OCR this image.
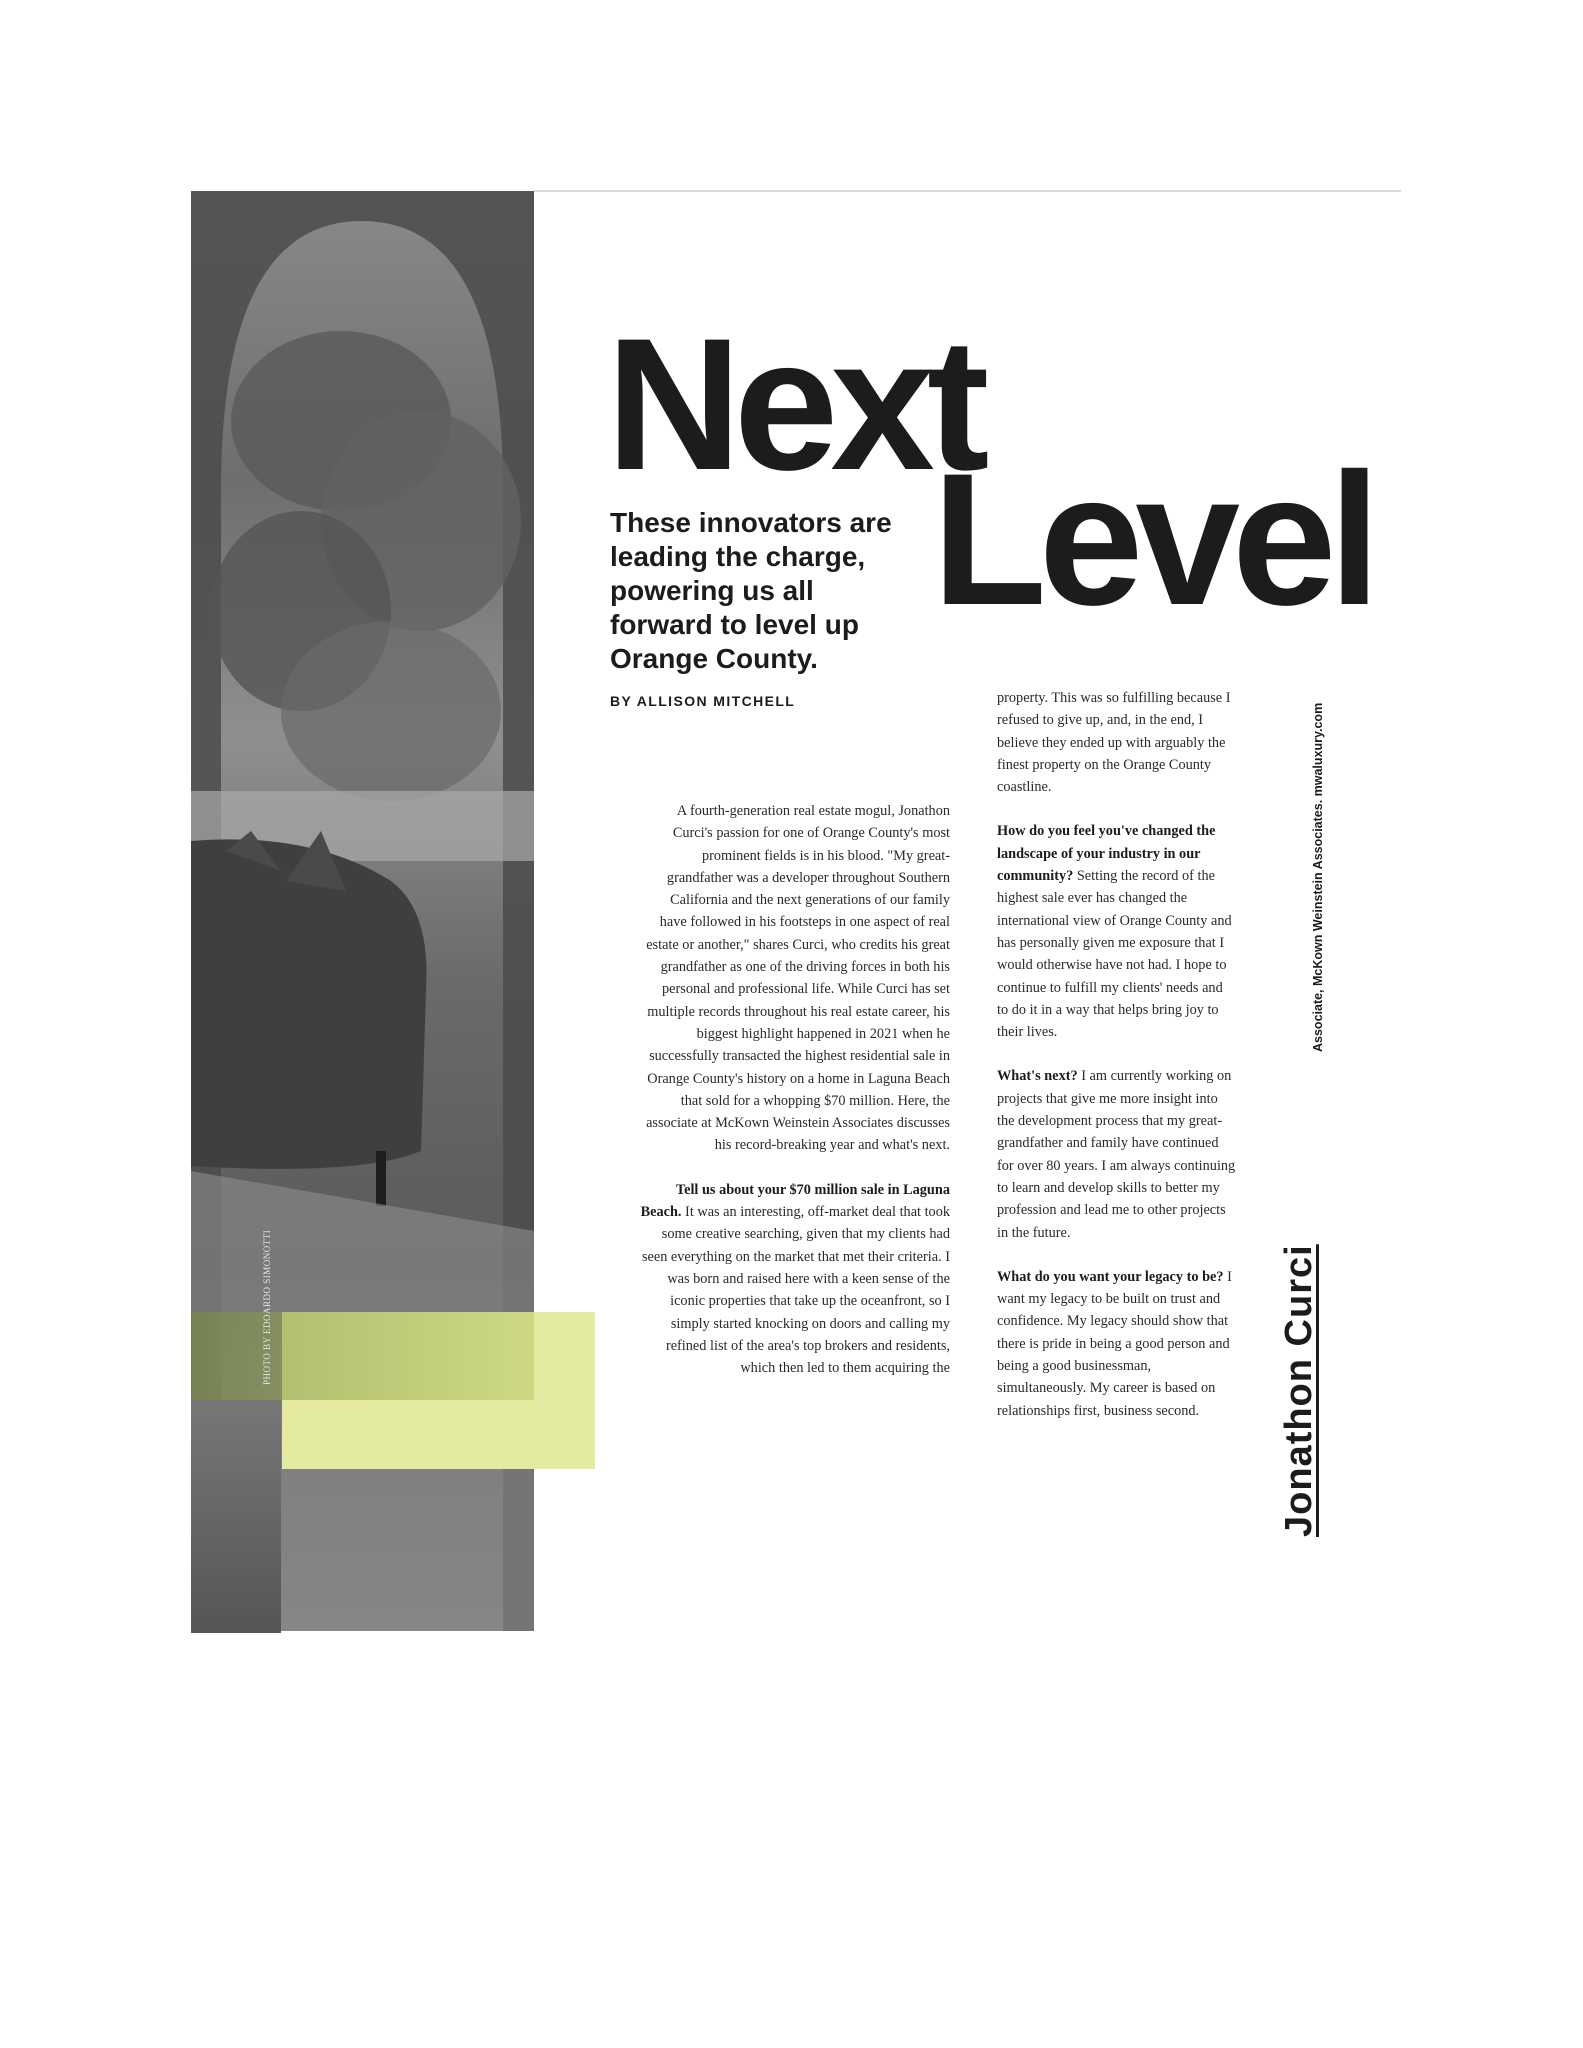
PHOTO BY EDOARDO SIMONOTTI
Next
Level
These innovators are leading the charge, powering us all forward to level up Orange County.
BY ALLISON MITCHELL

A fourth-generation real estate mogul, Jonathon Curci's passion for one of Orange County's most prominent fields is in his blood. "My great-grandfather was a developer throughout Southern California and the next generations of our family have followed in his footsteps in one aspect of real estate or another," shares Curci, who credits his great grandfather as one of the driving forces in both his personal and professional life. While Curci has set multiple records throughout his real estate career, his biggest highlight happened in 2021 when he successfully transacted the highest residential sale in Orange County's history on a home in Laguna Beach that sold for a whopping $70 million. Here, the associate at McKown Weinstein Associates discusses his record-breaking year and what's next.

Tell us about your $70 million sale in Laguna Beach. It was an interesting, off-market deal that took some creative searching, given that my clients had seen everything on the market that met their criteria. I was born and raised here with a keen sense of the iconic properties that take up the oceanfront, so I simply started knocking on doors and calling my refined list of the area's top brokers and residents, which then led to them acquiring the

property. This was so fulfilling because I refused to give up, and, in the end, I believe they ended up with arguably the finest property on the Orange County coastline.

How do you feel you've changed the landscape of your industry in our community? Setting the record of the highest sale ever has changed the international view of Orange County and has personally given me exposure that I would otherwise have not had. I hope to continue to fulfill my clients' needs and to do it in a way that helps bring joy to their lives.

What's next? I am currently working on projects that give me more insight into the development process that my great-grandfather and family have continued for over 80 years. I am always continuing to learn and develop skills to better my profession and lead me to other projects in the future.

What do you want your legacy to be? I want my legacy to be built on trust and confidence. My legacy should show that there is pride in being a good person and being a good businessman, simultaneously. My career is based on relationships first, business second.	Jonathon Curci
Associate, McKown Weinstein Associates. mwaluxury.com
